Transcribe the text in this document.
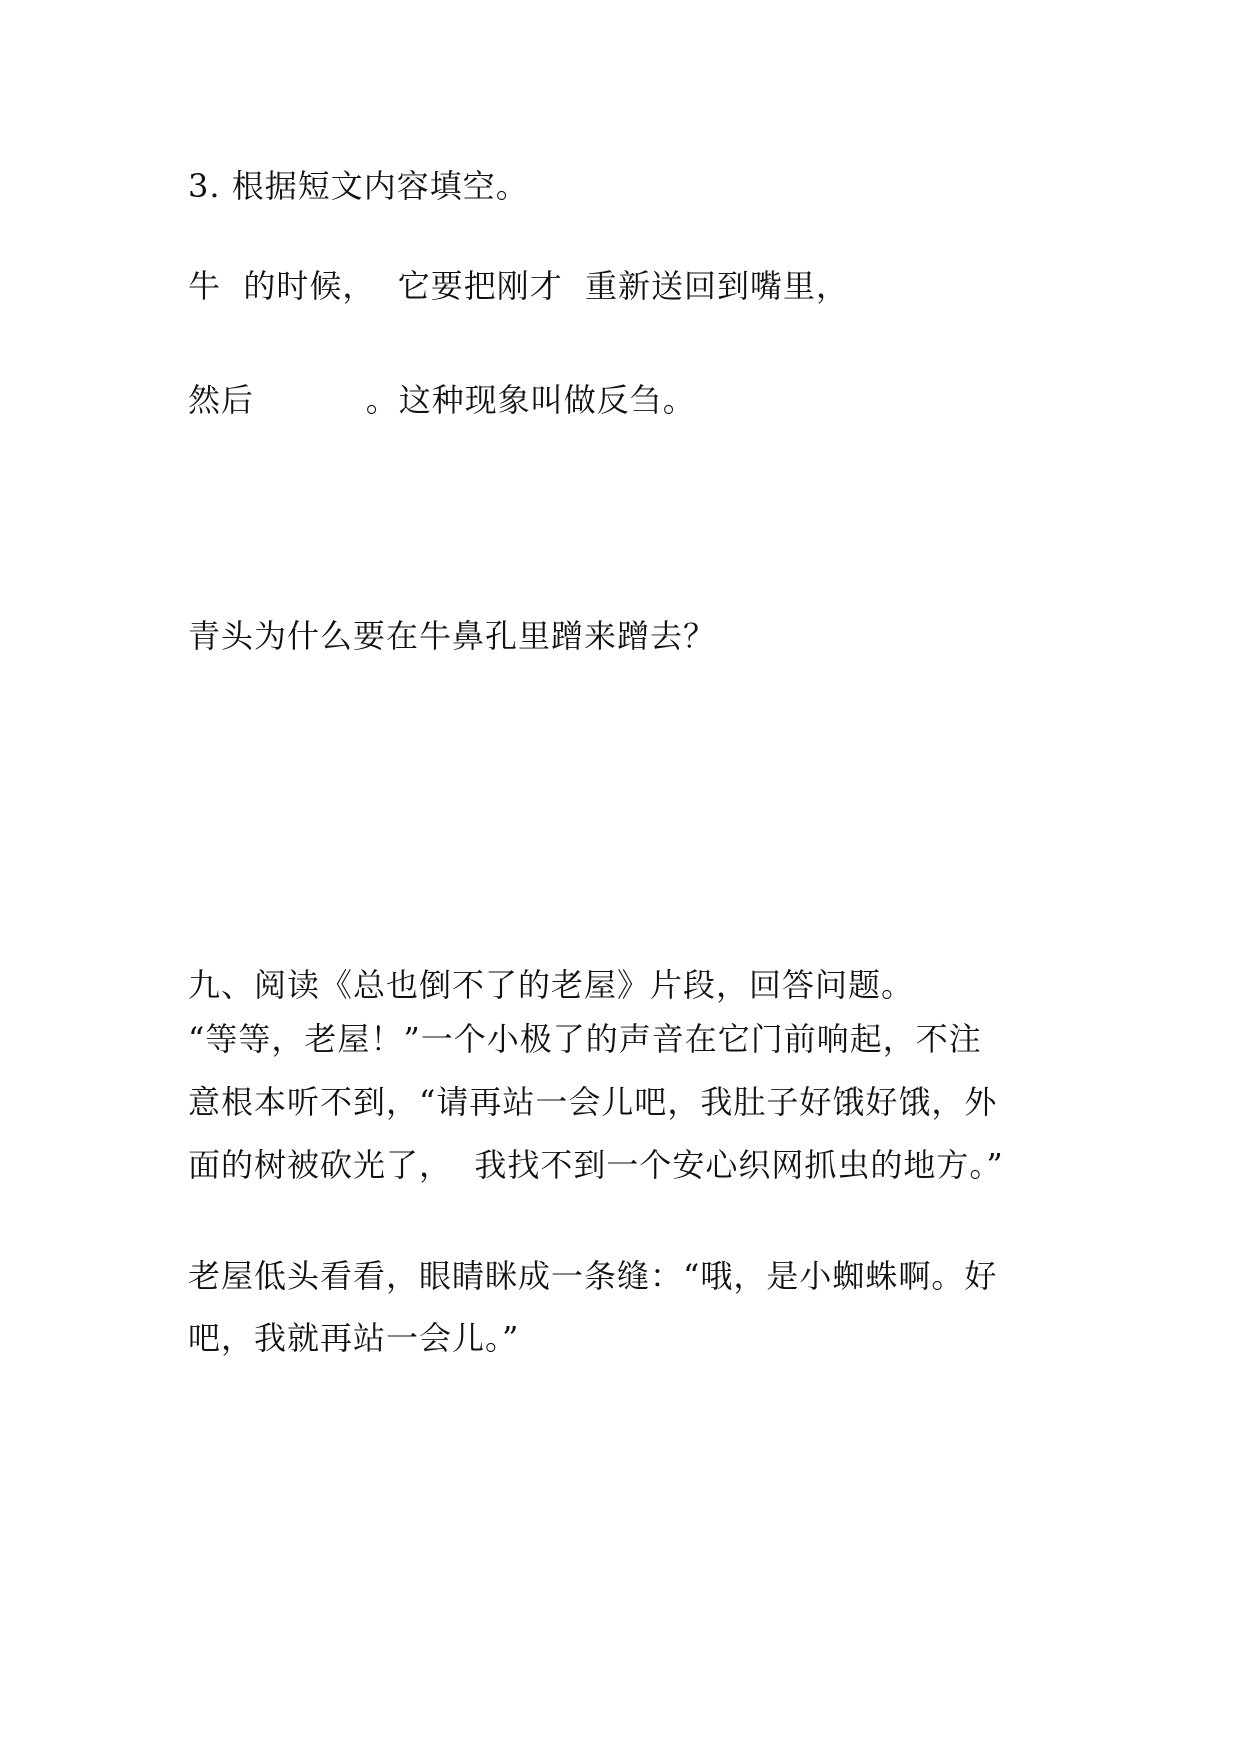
3. 根据短文内容填空。
牛  的时候，  它要把刚才  重新送回到嘴里，
然后          。这种现象叫做反刍。
青头为什么要在牛鼻孔里蹭来蹭去？
九、阅读《总也倒不了的老屋》片段，回答问题。
“等等，老屋！”一个小极了的声音在它门前响起，不注
意根本听不到，“请再站一会儿吧，我肚子好饿好饿，外
面的树被砍光了，  我找不到一个安心织网抓虫的地方。”
老屋低头看看，眼睛眯成一条缝：“哦，是小蜘蛛啊。好
吧，我就再站一会儿。”
